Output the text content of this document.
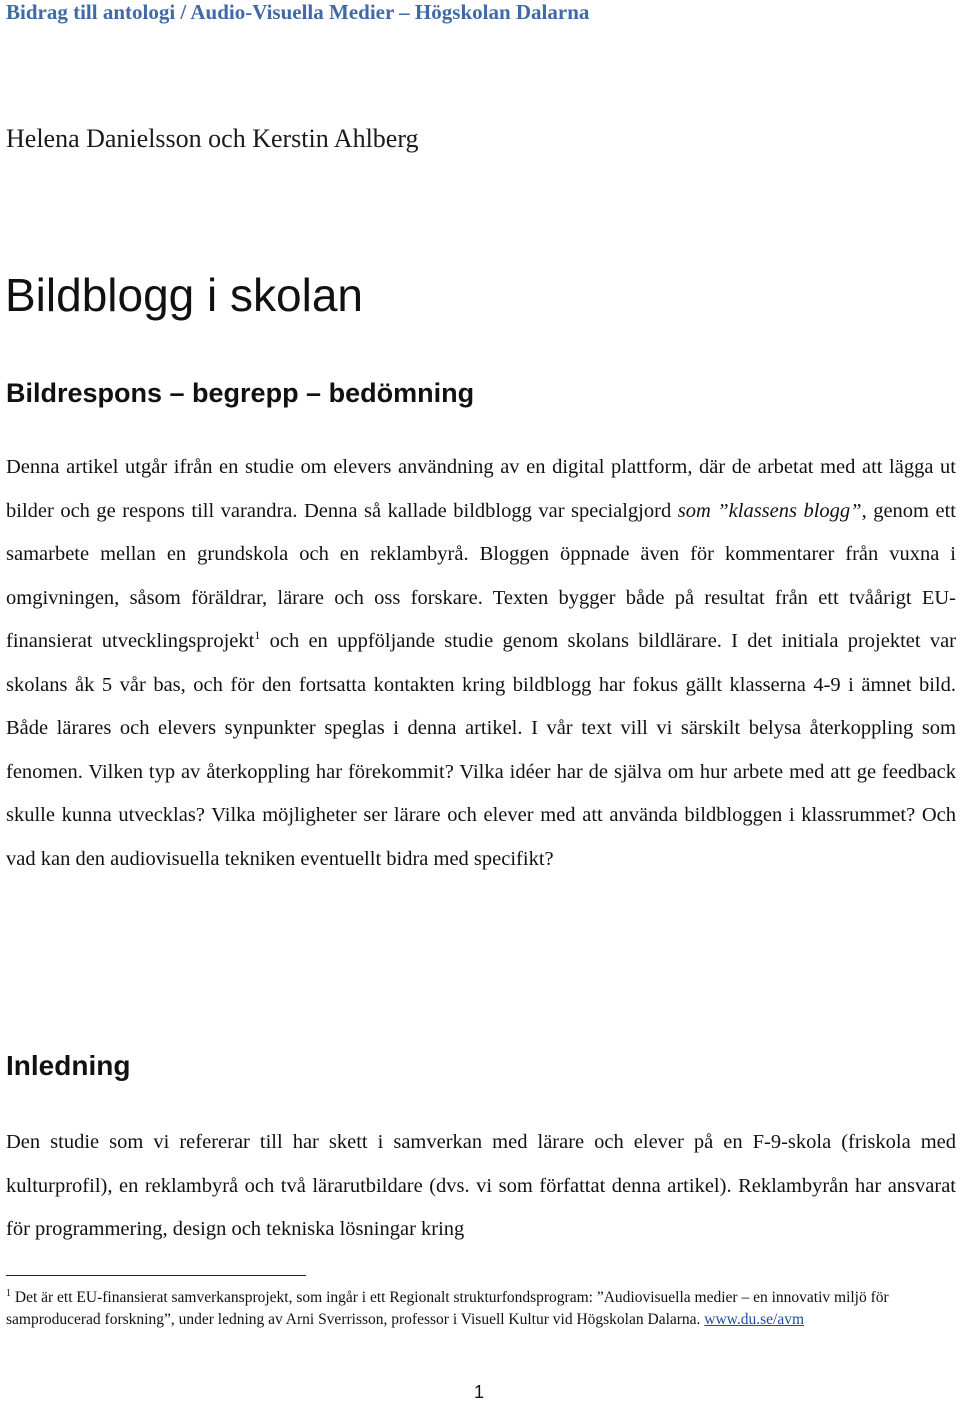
Bidrag till antologi / Audio-Visuella Medier – Högskolan Dalarna
Helena Danielsson och Kerstin Ahlberg
Bildblogg i skolan
Bildrespons – begrepp – bedömning

Denna artikel utgår ifrån en studie om elevers användning av en digital plattform, där de arbetat med att lägga ut bilder och ge respons till varandra. Denna så kallade bildblogg var specialgjord som ”klassens blogg”, genom ett samarbete mellan en grundskola och en reklambyrå. Bloggen öppnade även för kommentarer från vuxna i omgivningen, såsom föräldrar, lärare och oss forskare. Texten bygger både på resultat från ett tvåårigt EU-finansierat utvecklingsprojekt$^1$ och en uppföljande studie genom skolans bildlärare. I det initiala projektet var skolans åk 5 vår bas, och för den fortsatta kontakten kring bildblogg har fokus gällt klasserna 4-9 i ämnet bild. Både lärares och elevers synpunkter speglas i denna artikel. I vår text vill vi särskilt belysa återkoppling som fenomen. Vilken typ av återkoppling har förekommit? Vilka idéer har de själva om hur arbete med att ge feedback skulle kunna utvecklas? Vilka möjligheter ser lärare och elever med att använda bildbloggen i klassrummet? Och vad kan den audiovisuella tekniken eventuellt bidra med specifikt?

Inledning

Den studie som vi refererar till har skett i samverkan med lärare och elever på en F-9-skola (friskola med kulturprofil), en reklambyrå och två lärarutbildare (dvs. vi som författat denna artikel). Reklambyrån har ansvarat för programmering, design och tekniska lösningar kring

$^1$ Det är ett EU-finansierat samverkansprojekt, som ingår i ett Regionalt strukturfondsprogram: ”Audiovisuella medier – en innovativ miljö för samproducerad forskning”, under ledning av Arni Sverrisson, professor i Visuell Kultur vid Högskolan Dalarna. www.du.se/avm

1
